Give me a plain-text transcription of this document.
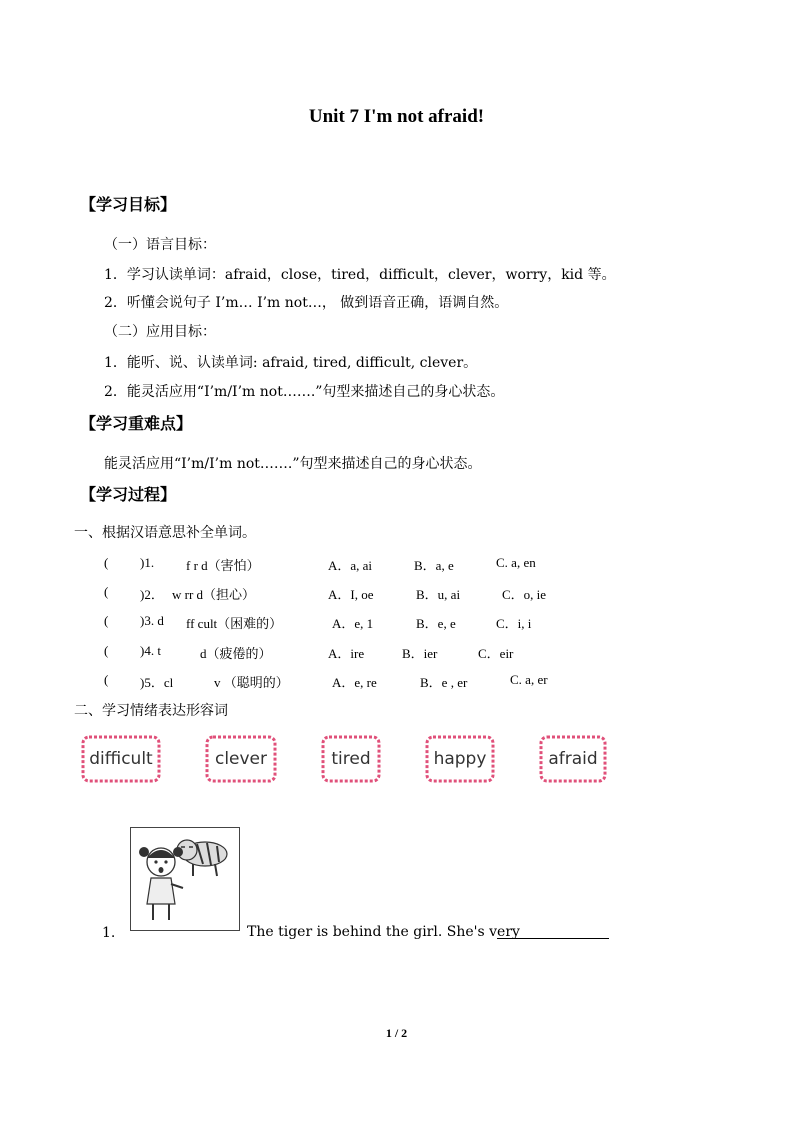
Unit 7 I'm not afraid!
【学习目标】
（一）语言目标：
1．学习认读单词：afraid，close，tired，difficult，clever，worry，kid 等。
2．听懂会说句子 I’m… I’m not…， 做到语音正确，语调自然。
（二）应用目标：
1．能听、说、认读单词: afraid, tired, difficult, clever。
2．能灵活应用“I’m/I’m not…….”句型来描述自己的身心状态。
【学习重难点】
能灵活应用“I’m/I’m not…….”句型来描述自己的身心状态。
【学习过程】
一、根据汉语意思补全单词。
( )1. f r d（害怕）	A．a, ai	B．a, e	C. a, en
( )2． w rr d（担心）	A．I, oe	B．u, ai	C．o, ie
( )3. d ff cult（困难的）	A．e, 1	B．e, e	C．i, i
( )4. t	d（疲倦的）	A．ire	B．ier	C．eir
( )5．cl	v （聪明的）	A．e, re	B．e , er	C. a, er
二、学习情绪表达形容词
difficult	clever	tired	happy	afraid
1.	The tiger is behind the girl. She's very
1 / 2
